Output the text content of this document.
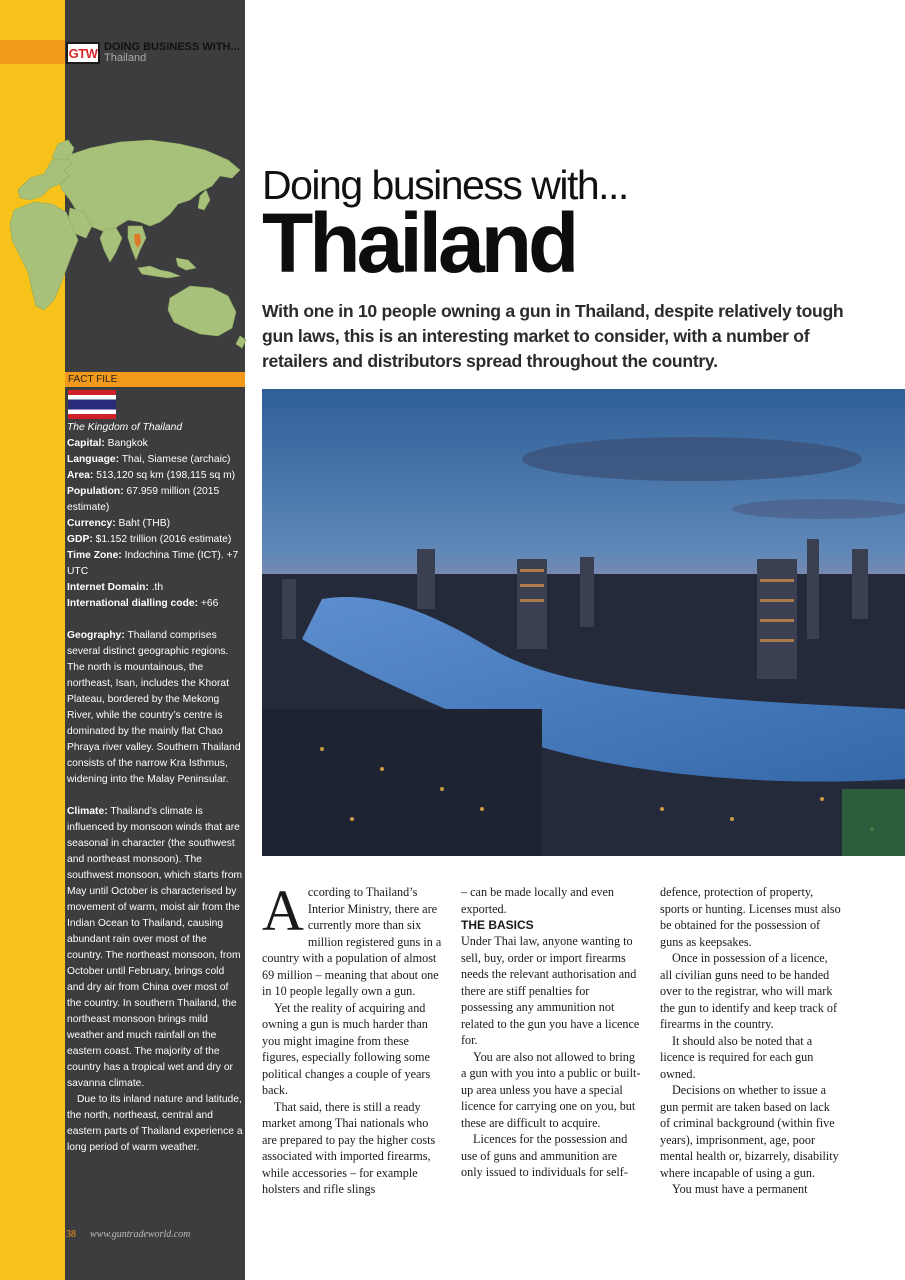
GTW DOING BUSINESS WITH...
Thailand
FACT FILE

The Kingdom of Thailand

Capital: Bangkok

Language: Thai, Siamese (archaic)

Area: 513,120 sq km (198,115 sq m)

Population: 67.959 million (2015 estimate)

Currency: Baht (THB)

GDP: $1.152 trillion (2016 estimate)

Time Zone: Indochina Time (ICT). +7 UTC

Internet Domain: .th

International dialling code: +66

Geography: Thailand comprises several distinct geographic regions. The north is mountainous, the northeast, Isan, includes the Khorat Plateau, bordered by the Mekong River, while the country’s centre is dominated by the mainly flat Chao Phraya river valley. Southern Thailand consists of the narrow Kra Isthmus, widening into the Malay Peninsular.

Climate: Thailand’s climate is influenced by monsoon winds that are seasonal in character (the southwest and northeast monsoon). The southwest monsoon, which starts from May until October is characterised by movement of warm, moist air from the Indian Ocean to Thailand, causing abundant rain over most of the country. The northeast monsoon, from October until February, brings cold and dry air from China over most of the country. In southern Thailand, the northeast monsoon brings mild weather and much rainfall on the eastern coast. The majority of the country has a tropical wet and dry or savanna climate.

Due to its inland nature and latitude, the north, northeast, central and eastern parts of Thailand experience a long period of warm weather.

38 www.guntradeworld.com
Doing business with...
Thailand
With one in 10 people owning a gun in Thailand, despite relatively tough gun laws, this is an interesting market to consider, with a number of retailers and distributors spread throughout the country.

According to Thailand’s Interior Ministry, there are currently more than six million registered guns in a country with a population of almost 69 million – meaning that about one in 10 people legally own a gun.

Yet the reality of acquiring and owning a gun is much harder than you might imagine from these figures, especially following some political changes a couple of years back.

That said, there is still a ready market among Thai nationals who are prepared to pay the higher costs associated with imported firearms, while accessories – for example holsters and rifle slings

– can be made locally and even exported.

THE BASICS

Under Thai law, anyone wanting to sell, buy, order or import firearms needs the relevant authorisation and there are stiff penalties for possessing any ammunition not related to the gun you have a licence for.

You are also not allowed to bring a gun with you into a public or built-up area unless you have a special licence for carrying one on you, but these are difficult to acquire.

Licences for the possession and use of guns and ammunition are only issued to individuals for self-

defence, protection of property, sports or hunting. Licenses must also be obtained for the possession of guns as keepsakes.

Once in possession of a licence, all civilian guns need to be handed over to the registrar, who will mark the gun to identify and keep track of firearms in the country.

It should also be noted that a licence is required for each gun owned.

Decisions on whether to issue a gun permit are taken based on lack of criminal background (within five years), imprisonment, age, poor mental health or, bizarrely, disability where incapable of using a gun.

You must have a permanent
